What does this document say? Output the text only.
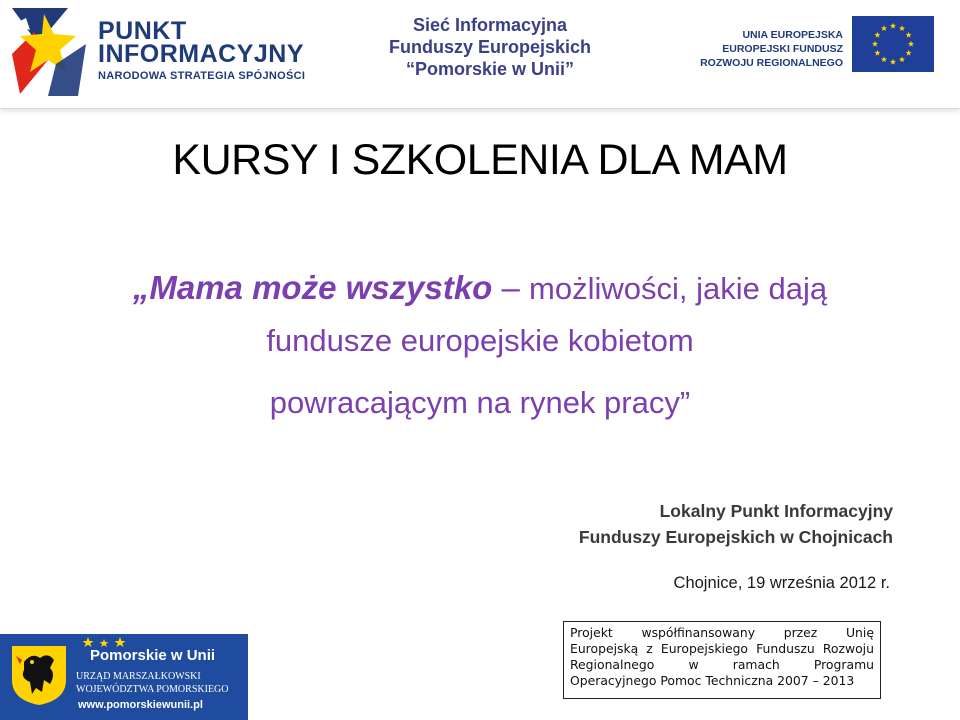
PUNKT
INFORMACYJNY
NARODOWA STRATEGIA SPÓJNOŚCI
Sieć Informacyjna
Funduszy Europejskich
“Pomorskie w Unii”
UNIA EUROPEJSKA
EUROPEJSKI FUNDUSZ
ROZWOJU REGIONALNEGO
KURSY I SZKOLENIA DLA MAM
„Mama może wszystko – możliwości, jakie dają
fundusze europejskie kobietom
powracającym na rynek pracy”
Lokalny Punkt Informacyjny
Funduszy Europejskich w Chojnicach
Chojnice, 19 września 2012 r.
Pomorskie w Unii
URZĄD MARSZAŁKOWSKI
WOJEWÓDZTWA POMORSKIEGO
www.pomorskiewunii.pl
Projekt współfinansowany przez Unię
Europejską z Europejskiego Funduszu Rozwoju
Regionalnego	w	ramach	Programu
Operacyjnego Pomoc Techniczna 2007 – 2013
